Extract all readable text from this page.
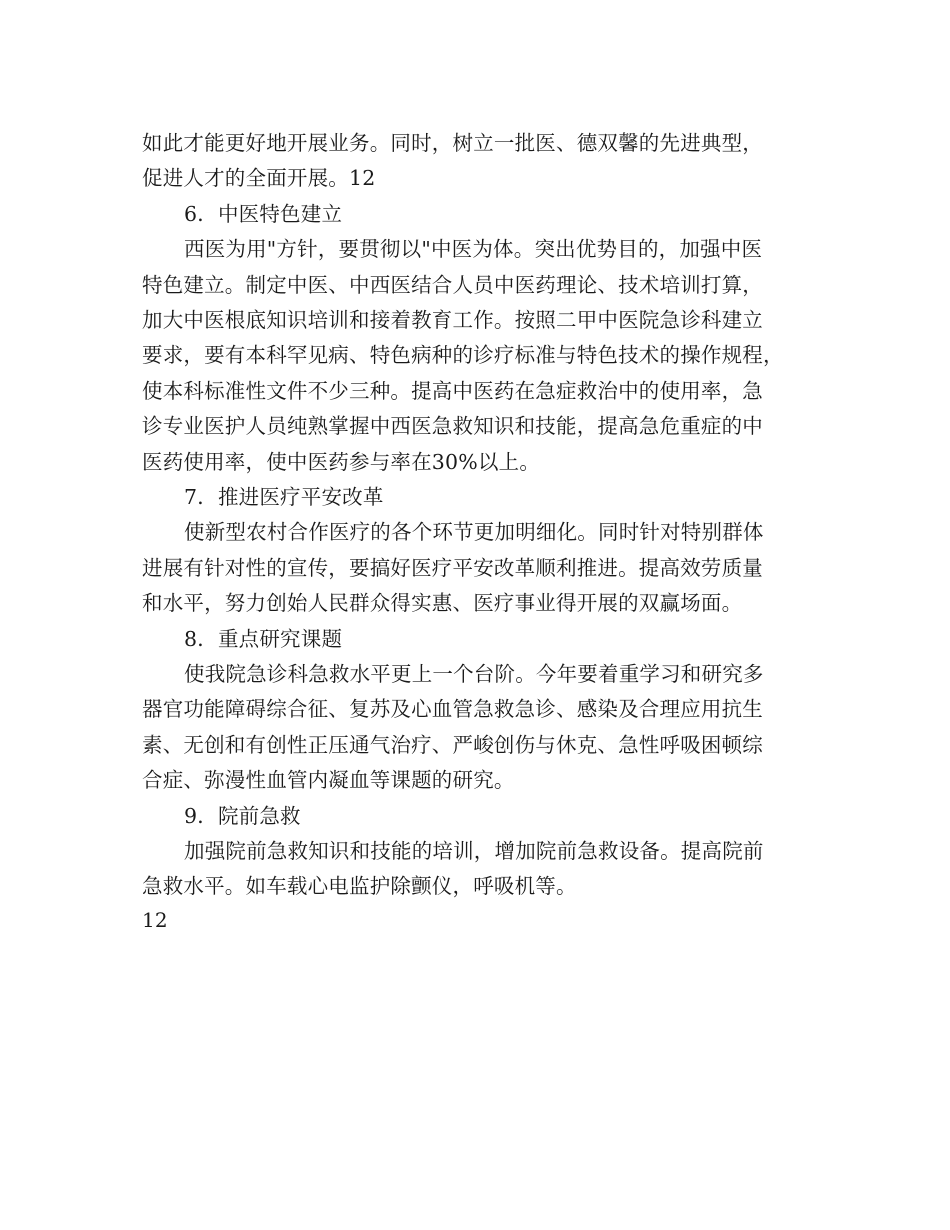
如此才能更好地开展业务。同时，树立一批医、德双馨的先进典型，
促进人才的全面开展。12
6．中医特色建立
西医为用"方针，要贯彻以"中医为体。突出优势目的，加强中医
特色建立。制定中医、中西医结合人员中医药理论、技术培训打算，
加大中医根底知识培训和接着教育工作。按照二甲中医院急诊科建立
要求，要有本科罕见病、特色病种的诊疗标准与特色技术的操作规程，
使本科标准性文件不少三种。提高中医药在急症救治中的使用率，急
诊专业医护人员纯熟掌握中西医急救知识和技能，提高急危重症的中
医药使用率，使中医药参与率在30%以上。
7．推进医疗平安改革
使新型农村合作医疗的各个环节更加明细化。同时针对特别群体
进展有针对性的宣传，要搞好医疗平安改革顺利推进。提高效劳质量
和水平，努力创始人民群众得实惠、医疗事业得开展的双赢场面。
8．重点研究课题
使我院急诊科急救水平更上一个台阶。今年要着重学习和研究多
器官功能障碍综合征、复苏及心血管急救急诊、感染及合理应用抗生
素、无创和有创性正压通气治疗、严峻创伤与休克、急性呼吸困顿综
合症、弥漫性血管内凝血等课题的研究。
9．院前急救
加强院前急救知识和技能的培训，增加院前急救设备。提高院前
急救水平。如车载心电监护除颤仪，呼吸机等。
12
